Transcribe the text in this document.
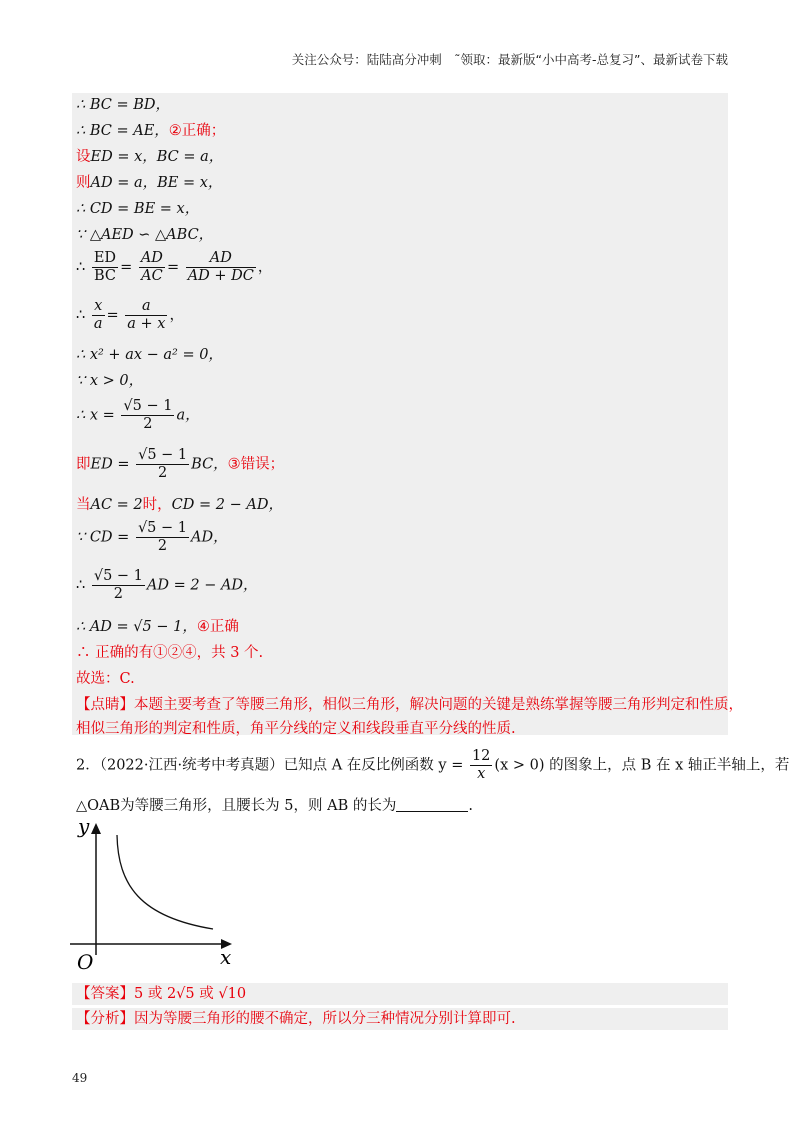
关注公众号：陆陆高分冲刺　˜领取：最新版“小中高考-总复习”、最新试卷下载
∴ BC = BD，
∴ BC = AE，②正确；
设ED = x，BC = a，
则AD = a，BE = x，
∴ CD = BE = x，
∵ △AED ∽ △ABC，
∴ $\frac{ED}{BC} = \frac{AD}{AC} = \frac{AD}{AD + DC}$ ，
∴ $\frac{x}{a} = \frac{a}{a + x}$ ，
∴ x² + ax − a² = 0，
∵ x > 0，
∴ $x = \frac{√5 - 1}{2}$ a，
即ED = $\frac{√5 - 1}{2}$ BC，③错误；
当AC = 2时，CD = 2 − AD，
∵ CD = $\frac{√5 - 1}{2}$ AD，
∴ $\frac{√5 - 1}{2}$ AD = 2 − AD，
∴ AD = √5 − 1，④正确
∴ 正确的有①②④，共 3 个.
故选：C.
【点睛】本题主要考查了等腰三角形，相似三角形，解决问题的关键是熟练掌握等腰三角形判定和性质，
相似三角形的判定和性质，角平分线的定义和线段垂直平分线的性质.
2．（2022·江西·统考中考真题）已知点 A 在反比例函数 $y = \frac{12}{x} (x > 0)$ 的图象上，点 B 在 x 轴正半轴上，若
△OAB为等腰三角形，且腰长为 5，则 AB 的长为	.
y
x
O
【答案】5 或 2√5 或 √10
【分析】因为等腰三角形的腰不确定，所以分三种情况分别计算即可.
49
